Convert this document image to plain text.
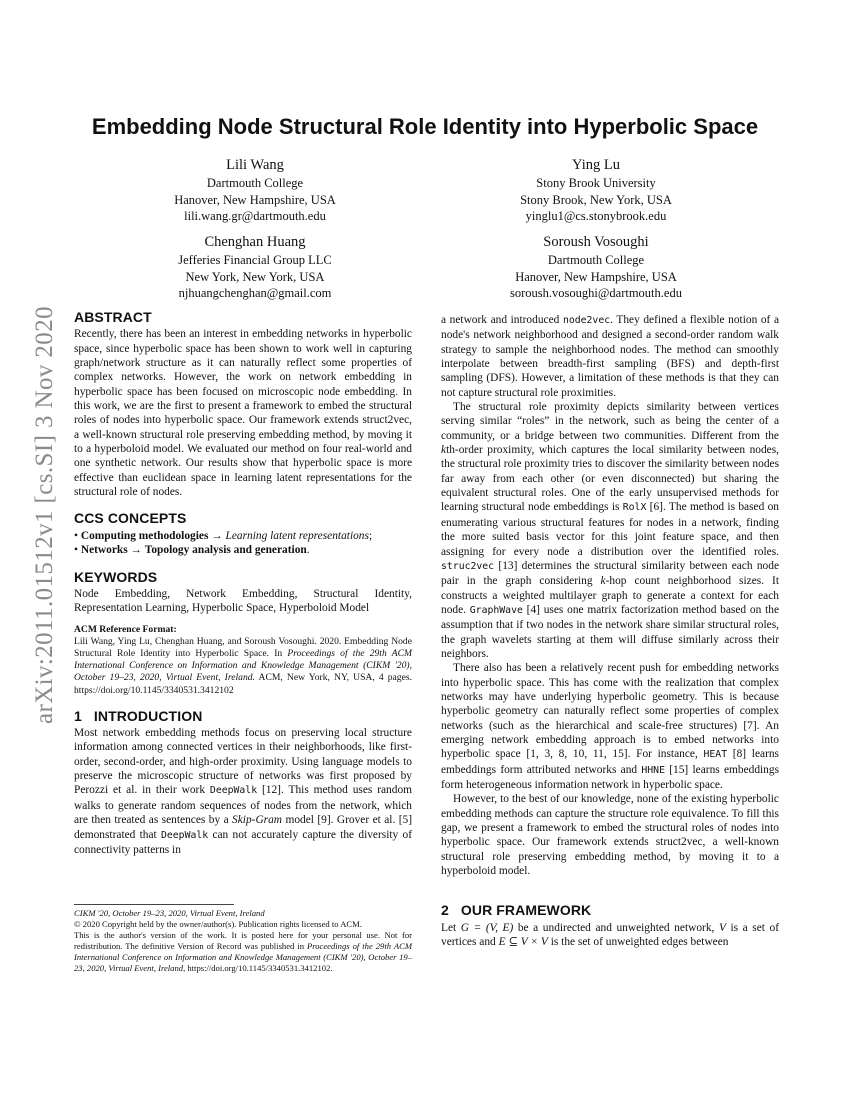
arXiv:2011.01512v1 [cs.SI] 3 Nov 2020
Embedding Node Structural Role Identity into Hyperbolic Space
Lili Wang
Dartmouth College
Hanover, New Hampshire, USA
lili.wang.gr@dartmouth.edu
Ying Lu
Stony Brook University
Stony Brook, New York, USA
yinglu1@cs.stonybrook.edu
Chenghan Huang
Jefferies Financial Group LLC
New York, New York, USA
njhuangchenghan@gmail.com
Soroush Vosoughi
Dartmouth College
Hanover, New Hampshire, USA
soroush.vosoughi@dartmouth.edu
ABSTRACT

Recently, there has been an interest in embedding networks in hyperbolic space, since hyperbolic space has been shown to work well in capturing graph/network structure as it can naturally reflect some properties of complex networks. However, the work on network embedding in hyperbolic space has been focused on microscopic node embedding. In this work, we are the first to present a framework to embed the structural roles of nodes into hyperbolic space. Our framework extends struct2vec, a well-known structural role preserving embedding method, by moving it to a hyperboloid model. We evaluated our method on four real-world and one synthetic network. Our results show that hyperbolic space is more effective than euclidean space in learning latent representations for the structural role of nodes.

CCS CONCEPTS

• Computing methodologies → Learning latent representations;

• Networks → Topology analysis and generation.

KEYWORDS

Node Embedding, Network Embedding, Structural Identity, Representation Learning, Hyperbolic Space, Hyperboloid Model

ACM Reference Format:

Lili Wang, Ying Lu, Chenghan Huang, and Soroush Vosoughi. 2020. Embedding Node Structural Role Identity into Hyperbolic Space. In Proceedings of the 29th ACM International Conference on Information and Knowledge Management (CIKM '20), October 19–23, 2020, Virtual Event, Ireland. ACM, New York, NY, USA, 4 pages. https://doi.org/10.1145/3340531.3412102

1 INTRODUCTION

Most network embedding methods focus on preserving local structure information among connected vertices in their neighborhoods, like first-order, second-order, and high-order proximity. Using language models to preserve the microscopic structure of networks was first proposed by Perozzi et al. in their work DeepWalk [12]. This method uses random walks to generate random sequences of nodes from the network, which are then treated as sentences by a Skip-Gram model [9]. Grover et al. [5] demonstrated that DeepWalk can not accurately capture the diversity of connectivity patterns in

CIKM '20, October 19–23, 2020, Virtual Event, Ireland

© 2020 Copyright held by the owner/author(s). Publication rights licensed to ACM.

This is the author's version of the work. It is posted here for your personal use. Not for redistribution. The definitive Version of Record was published in Proceedings of the 29th ACM International Conference on Information and Knowledge Management (CIKM '20), October 19–23, 2020, Virtual Event, Ireland, https://doi.org/10.1145/3340531.3412102.

a network and introduced node2vec. They defined a flexible notion of a node's network neighborhood and designed a second-order random walk strategy to sample the neighborhood nodes. The method can smoothly interpolate between breadth-first sampling (BFS) and depth-first sampling (DFS). However, a limitation of these methods is that they can not capture structural role proximities.

The structural role proximity depicts similarity between vertices serving similar “roles” in the network, such as being the center of a community, or a bridge between two communities. Different from the kth-order proximity, which captures the local similarity between nodes, the structural role proximity tries to discover the similarity between nodes far away from each other (or even disconnected) but sharing the equivalent structural roles. One of the early unsupervised methods for learning structural node embeddings is RolX [6]. The method is based on enumerating various structural features for nodes in a network, finding the more suited basis vector for this joint feature space, and then assigning for every node a distribution over the identified roles. struc2vec [13] determines the structural similarity between each node pair in the graph considering k-hop count neighborhood sizes. It constructs a weighted multilayer graph to generate a context for each node. GraphWave [4] uses one matrix factorization method based on the assumption that if two nodes in the network share similar structural roles, the graph wavelets starting at them will diffuse similarly across their neighbors.

There also has been a relatively recent push for embedding networks into hyperbolic space. This has come with the realization that complex networks may have underlying hyperbolic geometry. This is because hyperbolic geometry can naturally reflect some properties of complex networks (such as the hierarchical and scale-free structures) [7]. An emerging network embedding approach is to embed networks into hyperbolic space [1, 3, 8, 10, 11, 15]. For instance, HEAT [8] learns embeddings form attributed networks and HHNE [15] learns embeddings form heterogeneous information network in hyperbolic space.

However, to the best of our knowledge, none of the existing hyperbolic embedding methods can capture the structure role equivalence. To fill this gap, we present a framework to embed the structural roles of nodes into hyperbolic space. Our framework extends struct2vec, a well-known structural role preserving embedding method, by moving it to a hyperboloid model.

2 OUR FRAMEWORK

Let G = (V, E) be a undirected and unweighted network, V is a set of vertices and E ⊆ V × V is the set of unweighted edges between
